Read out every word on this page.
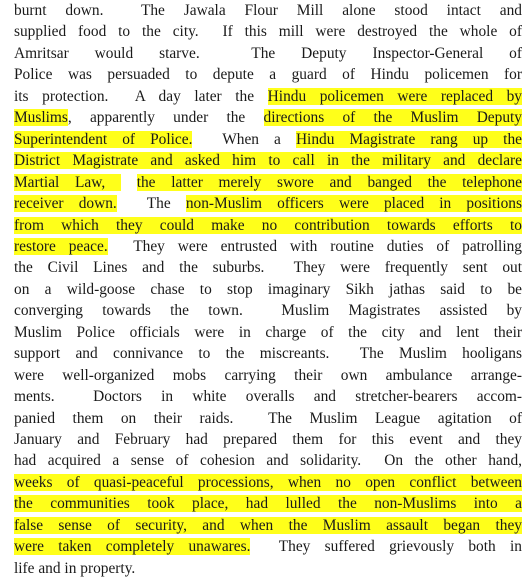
burnt down.  The Jawala Flour Mill alone stood intact and
supplied food to the city.  If this mill were destroyed the whole of
Amritsar would starve.  The Deputy Inspector-General of
Police was persuaded to depute a guard of Hindu policemen for
its protection.  A day later the Hindu policemen were replaced by
Muslims, apparently under the directions of the Muslim Deputy
Superintendent of Police.  When a Hindu Magistrate rang up the
District Magistrate and asked him to call in the military and declare
Martial Law,  the latter merely swore and banged the telephone
receiver down.  The non-Muslim officers were placed in positions
from which they could make no contribution towards efforts to
restore peace.  They were entrusted with routine duties of patrolling
the Civil Lines and the suburbs.  They were frequently sent out
on a wild-goose chase to stop imaginary Sikh jathas said to be
converging towards the town.  Muslim Magistrates assisted by
Muslim Police officials were in charge of the city and lent their
support and connivance to the miscreants.  The Muslim hooligans
were well-organized mobs carrying their own ambulance arrange-
ments.  Doctors in white overalls and stretcher-bearers accom-
panied them on their raids.  The Muslim League agitation of
January and February had prepared them for this event and they
had acquired a sense of cohesion and solidarity.  On the other hand,
weeks of quasi-peaceful processions, when no open conflict between
the communities took place, had lulled the non-Muslims into a
false sense of security, and when the Muslim assault began they
were taken completely unawares.  They suffered grievously both in
life and in property.
